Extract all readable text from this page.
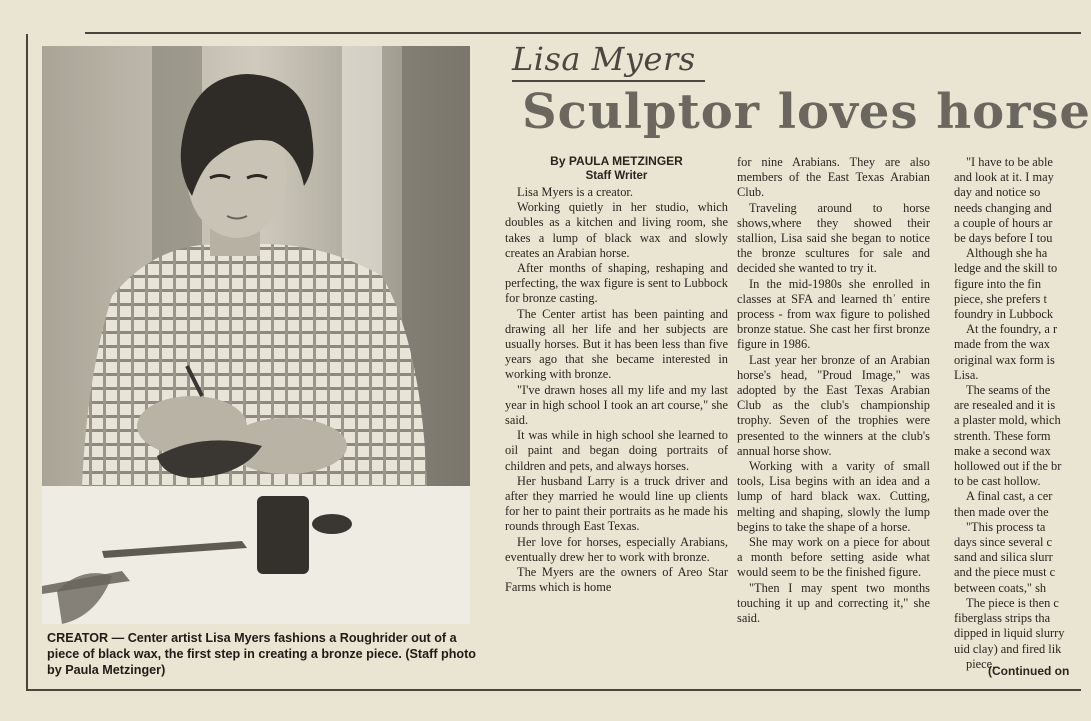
CREATOR — Center artist Lisa Myers fashions a Roughrider out of a piece of black wax, the first step in creating a bronze piece. (Staff photo by Paula Metzinger)
Lisa Myers
Sculptor loves horse
By PAULA METZINGER
Staff Writer

Lisa Myers is a creator.

Working quietly in her studio, which doubles as a kitchen and living room, she takes a lump of black wax and slowly creates an Arabian horse.

After months of shaping, reshaping and perfecting, the wax figure is sent to Lubbock for bronze casting.

The Center artist has been painting and drawing all her life and her subjects are usually horses. But it has been less than five years ago that she became interested in working with bronze.

"I've drawn hoses all my life and my last year in high school I took an art course," she said.

It was while in high school she learned to oil paint and began doing portraits of children and pets, and always horses.

Her husband Larry is a truck driver and after they married he would line up clients for her to paint their portraits as he made his rounds through East Texas.

Her love for horses, especially Arabians, eventually drew her to work with bronze.

The Myers are the owners of Areo Star Farms which is home

for nine Arabians. They are also members of the East Texas Arabian Club.

Traveling around to horse shows,where they showed their stallion, Lisa said she began to notice the bronze scultures for sale and decided she wanted to try it.

In the mid-1980s she enrolled in classes at SFA and learned thʾ entire process - from wax figure to polished bronze statue. She cast her first bronze figure in 1986.

Last year her bronze of an Arabian horse's head, "Proud Image," was adopted by the East Texas Arabian Club as the club's championship trophy. Seven of the trophies were presented to the winners at the club's annual horse show.

Working with a varity of small tools, Lisa begins with an idea and a lump of hard black wax. Cutting, melting and shaping, slowly the lump begins to take the shape of a horse.

She may work on a piece for about a month before setting aside what would seem to be the finished figure.

"Then I may spent two months touching it up and correcting it," she said.

"I have to be able

and look at it. I may

day and notice so

needs changing and

a couple of hours ar

be days before I tou

Although she ha

ledge and the skill to

figure into the fin

piece, she prefers t

foundry in Lubbock

At the foundry, a r

made from the wax

original wax form is

Lisa.

The seams of the

are resealed and it is

a plaster mold, which

strenth. These form

make a second wax

hollowed out if the br

to be cast hollow.

A final cast, a cer

then made over the

"This process ta

days since several c

sand and silica slurr

and the piece must c

between coats," sh

The piece is then c

fiberglass strips tha

dipped in liquid slurry

uid clay) and fired lik

piece.

(Continued on
